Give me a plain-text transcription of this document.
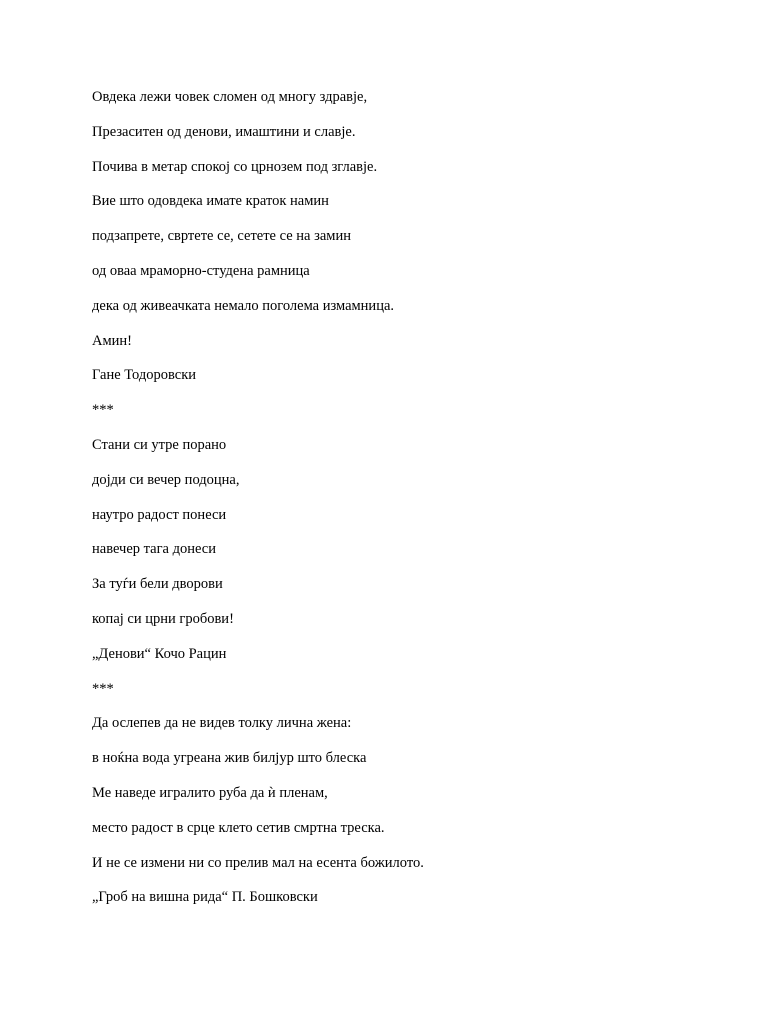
Овдека лежи човек сломен од многу здравје,
Презаситен од денови, имаштини и славје.
Почива в метар спокој со црнозем под зглавје.
Вие што одовдека имате краток намин
подзапрете, свртете се, сетете се на замин
од оваа мраморно-студена рамница
дека од живеачката немало поголема измамница.
Амин!
Гане Тодоровски
***
Стани си утре порано
дојди си вечер подоцна,
наутро радост понеси
навечер тага донеси
За туѓи бели дворови
копај си црни гробови!
„Денови“ Кочо Рацин
***
Да ослепев да не видев толку лична жена:
в ноќна вода угреана жив билјур што блеска
Ме наведе игралито руба да ѝ пленам,
место радост в срце клето сетив смртна треска.
И не се измени ни со прелив мал на есента божилото.
„Гроб на вишна рида“ П. Бошковски
